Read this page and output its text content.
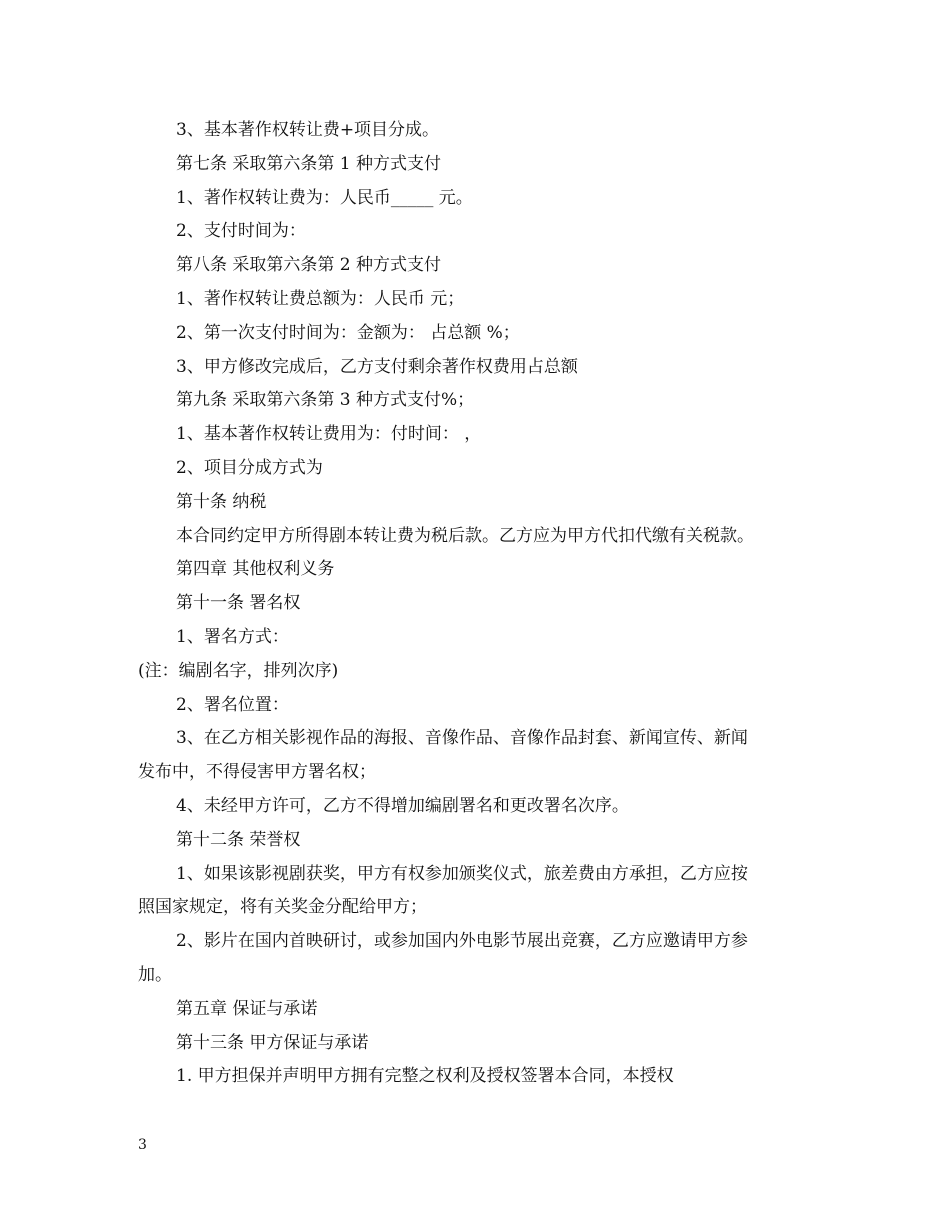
3、基本著作权转让费+项目分成。
第七条 采取第六条第 1 种方式支付
1、著作权转让费为：人民币_____ 元。
2、支付时间为：
第八条 采取第六条第 2 种方式支付
1、著作权转让费总额为：人民币 元；
2、第一次支付时间为：金额为： 占总额 %；
3、甲方修改完成后，乙方支付剩余著作权费用占总额
第九条 采取第六条第 3 种方式支付%；
1、基本著作权转让费用为：付时间： ，
2、项目分成方式为
第十条 纳税
本合同约定甲方所得剧本转让费为税后款。乙方应为甲方代扣代缴有关税款。
第四章 其他权利义务
第十一条 署名权
1、署名方式：
(注：编剧名字，排列次序)
2、署名位置：
3、在乙方相关影视作品的海报、音像作品、音像作品封套、新闻宣传、新闻
发布中，不得侵害甲方署名权；
4、未经甲方许可，乙方不得增加编剧署名和更改署名次序。
第十二条 荣誉权
1、如果该影视剧获奖，甲方有权参加颁奖仪式，旅差费由方承担，乙方应按
照国家规定，将有关奖金分配给甲方；
2、影片在国内首映研讨，或参加国内外电影节展出竞赛，乙方应邀请甲方参
加。
第五章 保证与承诺
第十三条 甲方保证与承诺
1. 甲方担保并声明甲方拥有完整之权利及授权签署本合同，本授权
3
